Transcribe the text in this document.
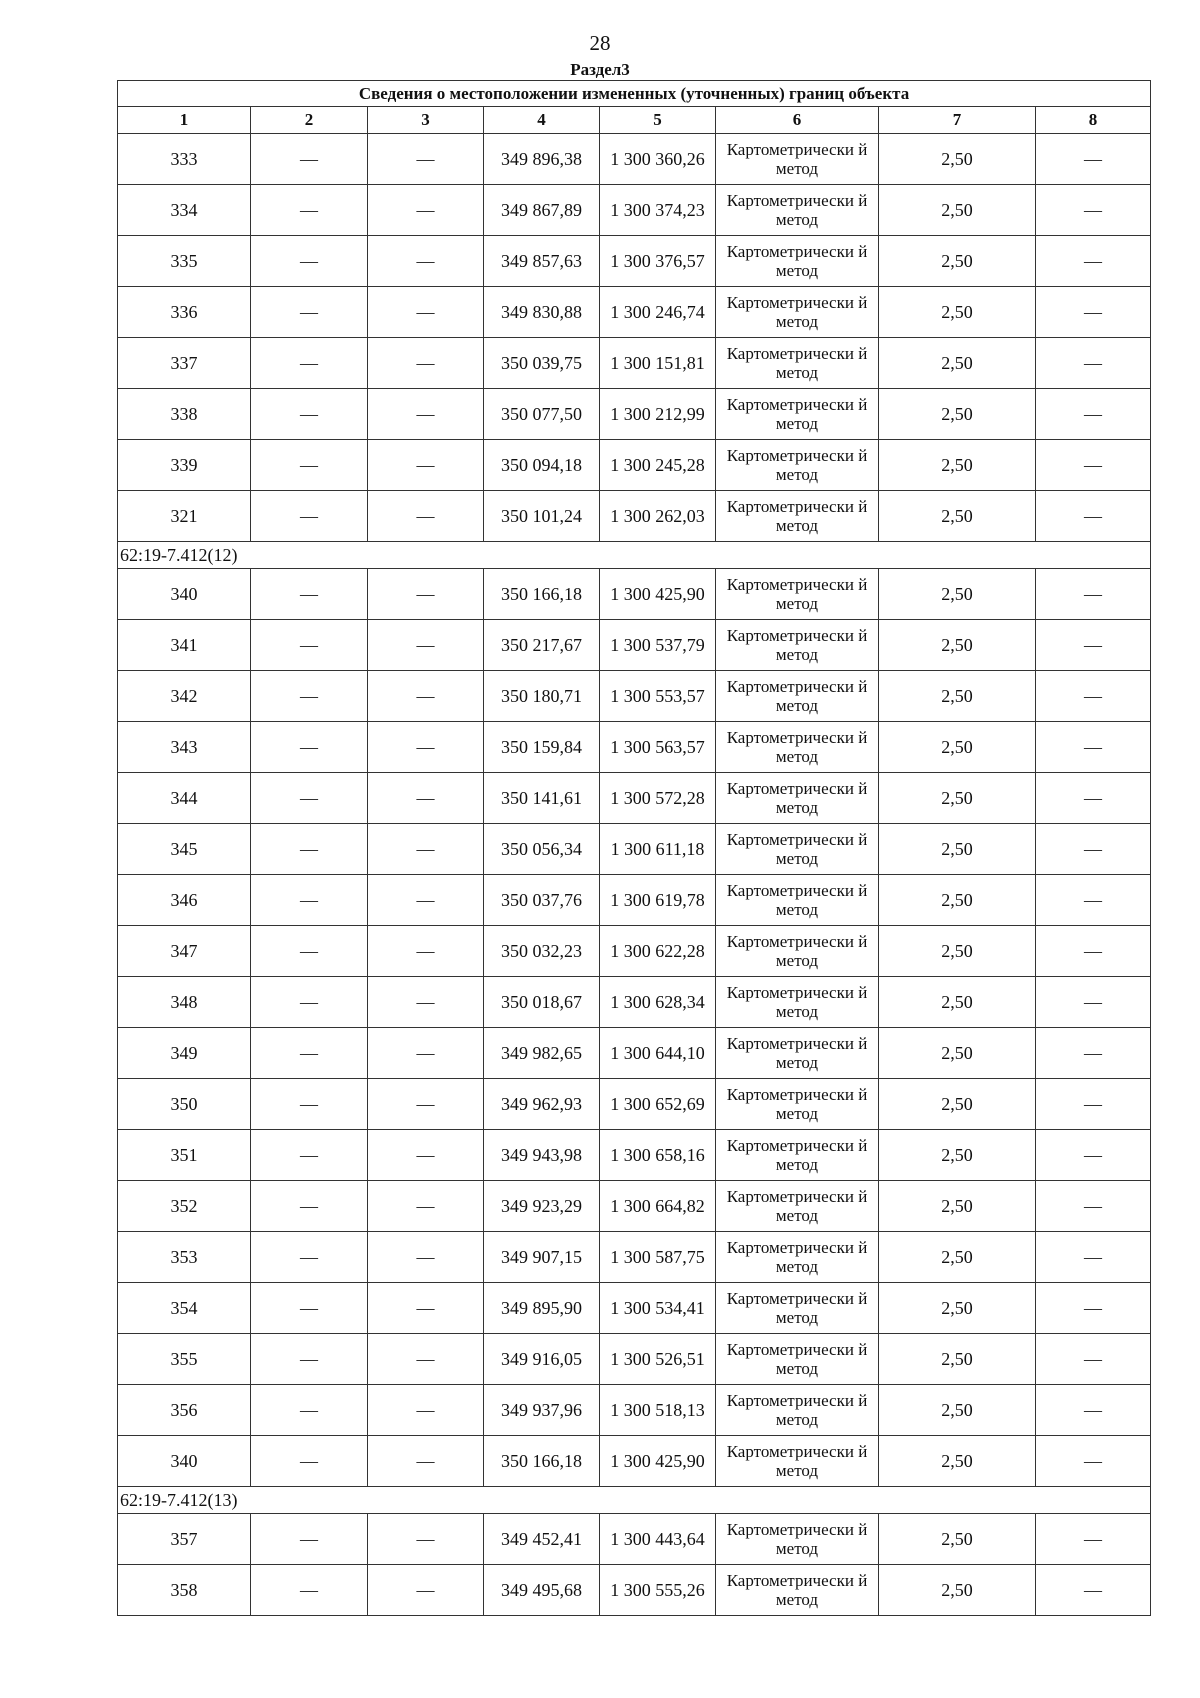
28
Раздел3
Сведения о местоположении измененных (уточненных) границ объекта							
1	2	3	4	5	6	7	8
333	—	—	349 896,38	1 300 360,26	Картометрически й метод	2,50	—
334	—	—	349 867,89	1 300 374,23	Картометрически й метод	2,50	—
335	—	—	349 857,63	1 300 376,57	Картометрически й метод	2,50	—
336	—	—	349 830,88	1 300 246,74	Картометрически й метод	2,50	—
337	—	—	350 039,75	1 300 151,81	Картометрически й метод	2,50	—
338	—	—	350 077,50	1 300 212,99	Картометрически й метод	2,50	—
339	—	—	350 094,18	1 300 245,28	Картометрически й метод	2,50	—
321	—	—	350 101,24	1 300 262,03	Картометрически й метод	2,50	—
62:19-7.412(12)							
340	—	—	350 166,18	1 300 425,90	Картометрически й метод	2,50	—
341	—	—	350 217,67	1 300 537,79	Картометрически й метод	2,50	—
342	—	—	350 180,71	1 300 553,57	Картометрически й метод	2,50	—
343	—	—	350 159,84	1 300 563,57	Картометрически й метод	2,50	—
344	—	—	350 141,61	1 300 572,28	Картометрически й метод	2,50	—
345	—	—	350 056,34	1 300 611,18	Картометрически й метод	2,50	—
346	—	—	350 037,76	1 300 619,78	Картометрически й метод	2,50	—
347	—	—	350 032,23	1 300 622,28	Картометрически й метод	2,50	—
348	—	—	350 018,67	1 300 628,34	Картометрически й метод	2,50	—
349	—	—	349 982,65	1 300 644,10	Картометрически й метод	2,50	—
350	—	—	349 962,93	1 300 652,69	Картометрически й метод	2,50	—
351	—	—	349 943,98	1 300 658,16	Картометрически й метод	2,50	—
352	—	—	349 923,29	1 300 664,82	Картометрически й метод	2,50	—
353	—	—	349 907,15	1 300 587,75	Картометрически й метод	2,50	—
354	—	—	349 895,90	1 300 534,41	Картометрически й метод	2,50	—
355	—	—	349 916,05	1 300 526,51	Картометрически й метод	2,50	—
356	—	—	349 937,96	1 300 518,13	Картометрически й метод	2,50	—
340	—	—	350 166,18	1 300 425,90	Картометрически й метод	2,50	—
62:19-7.412(13)							
357	—	—	349 452,41	1 300 443,64	Картометрически й метод	2,50	—
358	—	—	349 495,68	1 300 555,26	Картометрически й метод	2,50	—
